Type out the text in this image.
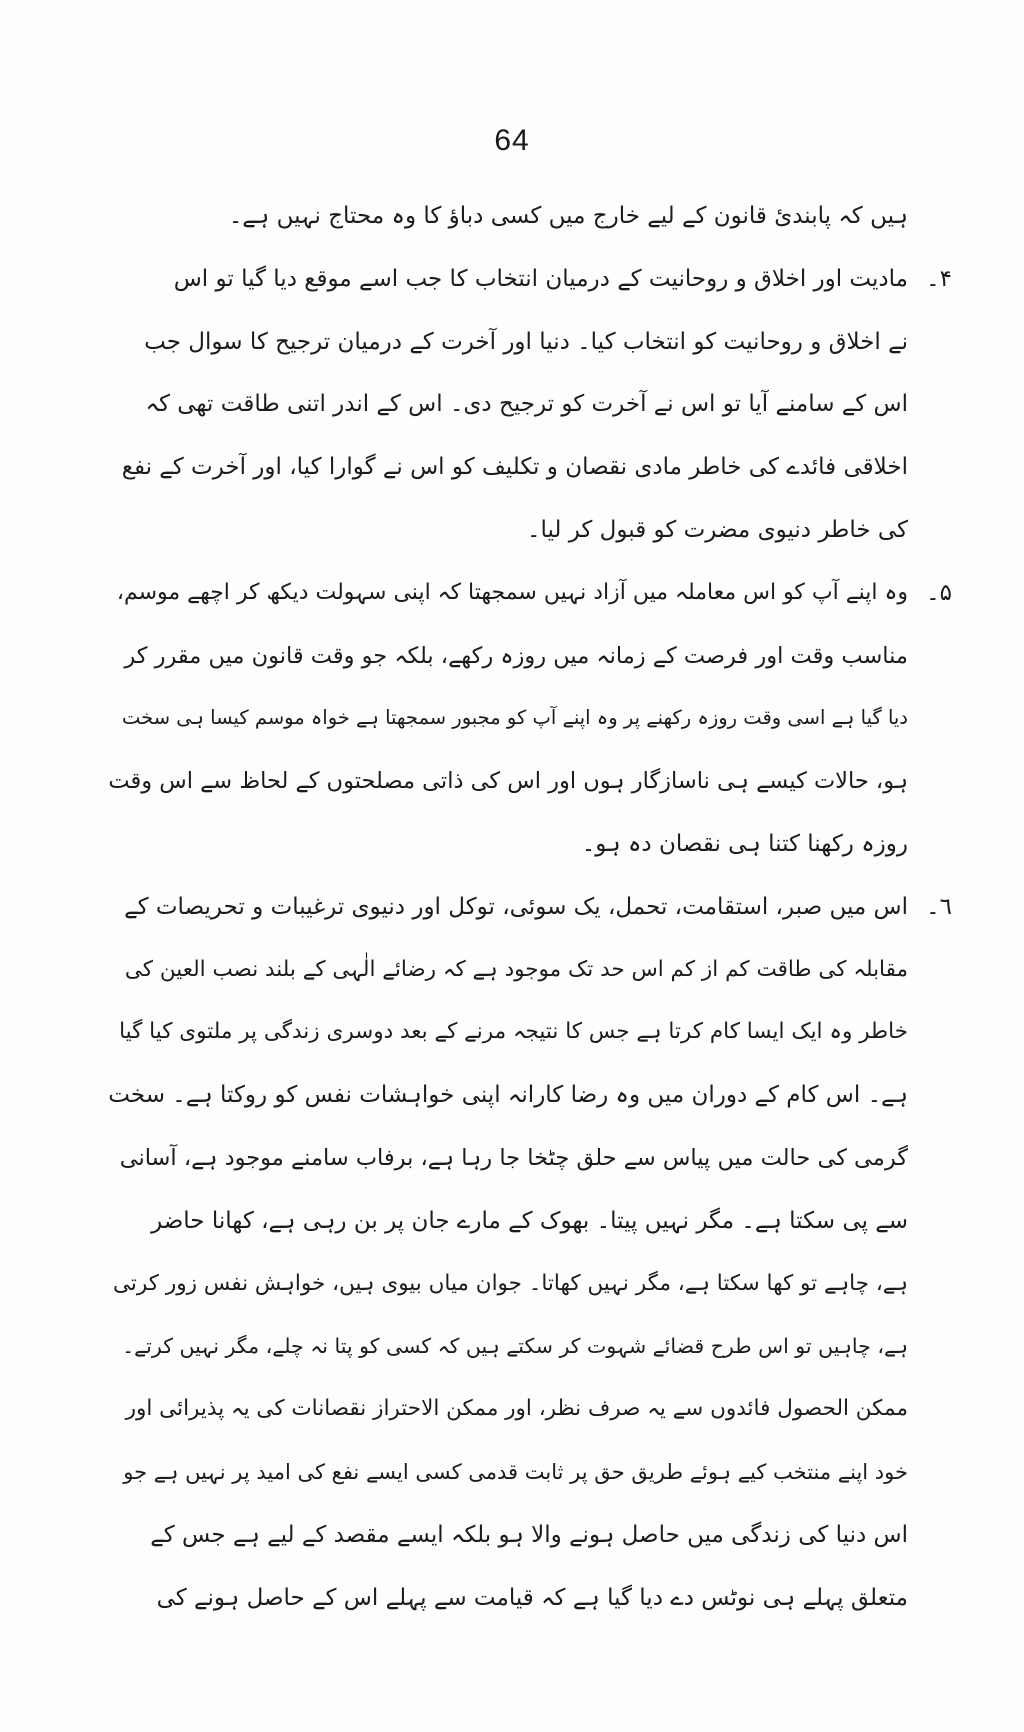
64
ہیں کہ پابندئ قانون کے لیے خارج میں کسی دباؤ کا وہ محتاج نہیں ہے۔
۴۔
مادیت اور اخلاق و روحانیت کے درمیان انتخاب کا جب اسے موقع دیا گیا تو اس
نے اخلاق و روحانیت کو انتخاب کیا۔ دنیا اور آخرت کے درمیان ترجیح کا سوال جب
اس کے سامنے آیا تو اس نے آخرت کو ترجیح دی۔ اس کے اندر اتنی طاقت تھی کہ
اخلاقی فائدے کی خاطر مادی نقصان و تکلیف کو اس نے گوارا کیا، اور آخرت کے نفع
کی خاطر دنیوی مضرت کو قبول کر لیا۔
۵۔
وہ اپنے آپ کو اس معاملہ میں آزاد نہیں سمجھتا کہ اپنی سہولت دیکھ کر اچھے موسم،
مناسب وقت اور فرصت کے زمانہ میں روزہ رکھے، بلکہ جو وقت قانون میں مقرر کر
دیا گیا ہے اسی وقت روزہ رکھنے پر وہ اپنے آپ کو مجبور سمجھتا ہے خواہ موسم کیسا ہی سخت
ہو، حالات کیسے ہی ناسازگار ہوں اور اس کی ذاتی مصلحتوں کے لحاظ سے اس وقت
روزہ رکھنا کتنا ہی نقصان دہ ہو۔
٦۔
اس میں صبر، استقامت، تحمل، یک سوئی، توکل اور دنیوی ترغیبات و تحریصات کے
مقابلہ کی طاقت کم از کم اس حد تک موجود ہے کہ رضائے الٰہی کے بلند نصب العین کی
خاطر وہ ایک ایسا کام کرتا ہے جس کا نتیجہ مرنے کے بعد دوسری زندگی پر ملتوی کیا گیا
ہے۔ اس کام کے دوران میں وہ رضا کارانہ اپنی خواہشات نفس کو روکتا ہے۔ سخت
گرمی کی حالت میں پیاس سے حلق چٹخا جا رہا ہے، برفاب سامنے موجود ہے، آسانی
سے پی سکتا ہے۔ مگر نہیں پیتا۔ بھوک کے مارے جان پر بن رہی ہے، کھانا حاضر
ہے، چاہے تو کھا سکتا ہے، مگر نہیں کھاتا۔ جوان میاں بیوی ہیں، خواہش نفس زور کرتی
ہے، چاہیں تو اس طرح قضائے شہوت کر سکتے ہیں کہ کسی کو پتا نہ چلے، مگر نہیں کرتے۔
ممکن الحصول فائدوں سے یہ صرف نظر، اور ممکن الاحتراز نقصانات کی یہ پذیرائی اور
خود اپنے منتخب کیے ہوئے طریق حق پر ثابت قدمی کسی ایسے نفع کی امید پر نہیں ہے جو
اس دنیا کی زندگی میں حاصل ہونے والا ہو بلکہ ایسے مقصد کے لیے ہے جس کے
متعلق پہلے ہی نوٹس دے دیا گیا ہے کہ قیامت سے پہلے اس کے حاصل ہونے کی
